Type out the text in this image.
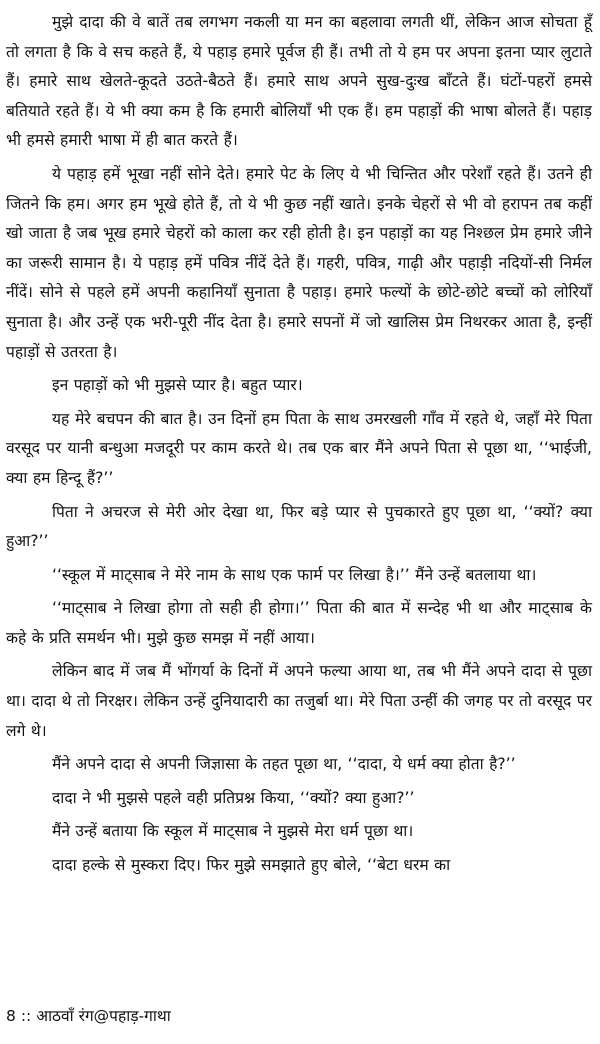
मुझे दादा की वे बातें तब लगभग नकली या मन का बहलावा लगती थीं, लेकिन आज सोचता हूँ तो लगता है कि वे सच कहते हैं, ये पहाड़ हमारे पूर्वज ही हैं। तभी तो ये हम पर अपना इतना प्यार लुटाते हैं। हमारे साथ खेलते-कूदते उठते-बैठते हैं। हमारे साथ अपने सुख-दुःख बाँटते हैं। घंटों-पहरों हमसे बतियाते रहते हैं। ये भी क्या कम है कि हमारी बोलियाँ भी एक हैं। हम पहाड़ों की भाषा बोलते हैं। पहाड़ भी हमसे हमारी भाषा में ही बात करते हैं।

ये पहाड़ हमें भूखा नहीं सोने देते। हमारे पेट के लिए ये भी चिन्तित और परेशाँ रहते हैं। उतने ही जितने कि हम। अगर हम भूखे होते हैं, तो ये भी कुछ नहीं खाते। इनके चेहरों से भी वो हरापन तब कहीं खो जाता है जब भूख हमारे चेहरों को काला कर रही होती है। इन पहाड़ों का यह निश्छल प्रेम हमारे जीने का जरूरी सामान है। ये पहाड़ हमें पवित्र नींदें देते हैं। गहरी, पवित्र, गाढ़ी और पहाड़ी नदियों-सी निर्मल नींदें। सोने से पहले हमें अपनी कहानियाँ सुनाता है पहाड़। हमारे फल्यों के छोटे-छोटे बच्चों को लोरियाँ सुनाता है। और उन्हें एक भरी-पूरी नींद देता है। हमारे सपनों में जो खालिस प्रेम निथरकर आता है, इन्हीं पहाड़ों से उतरता है।

इन पहाड़ों को भी मुझसे प्यार है। बहुत प्यार।

यह मेरे बचपन की बात है। उन दिनों हम पिता के साथ उमरखली गाँव में रहते थे, जहाँ मेरे पिता वरसूद पर यानी बन्धुआ मजदूरी पर काम करते थे। तब एक बार मैंने अपने पिता से पूछा था, ‘‘भाईजी, क्या हम हिन्दू हैं?’’

पिता ने अचरज से मेरी ओर देखा था, फिर बड़े प्यार से पुचकारते हुए पूछा था, ‘‘क्यों? क्या हुआ?’’

‘‘स्कूल में माट्साब ने मेरे नाम के साथ एक फार्म पर लिखा है।’’ मैंने उन्हें बतलाया था।

‘‘माट्साब ने लिखा होगा तो सही ही होगा।’’ पिता की बात में सन्देह भी था और माट्साब के कहे के प्रति समर्थन भी। मुझे कुछ समझ में नहीं आया।

लेकिन बाद में जब मैं भोंगर्या के दिनों में अपने फल्या आया था, तब भी मैंने अपने दादा से पूछा था। दादा थे तो निरक्षर। लेकिन उन्हें दुनियादारी का तजुर्बा था। मेरे पिता उन्हीं की जगह पर तो वरसूद पर लगे थे।

मैंने अपने दादा से अपनी जिज्ञासा के तहत पूछा था, ‘‘दादा, ये धर्म क्या होता है?’’

दादा ने भी मुझसे पहले वही प्रतिप्रश्न किया, ‘‘क्यों? क्या हुआ?’’

मैंने उन्हें बताया कि स्कूल में माट्साब ने मुझसे मेरा धर्म पूछा था।

दादा हल्के से मुस्करा दिए। फिर मुझे समझाते हुए बोले, ‘‘बेटा धरम का

8 :: आठवाँ रंग@पहाड़-गाथा
